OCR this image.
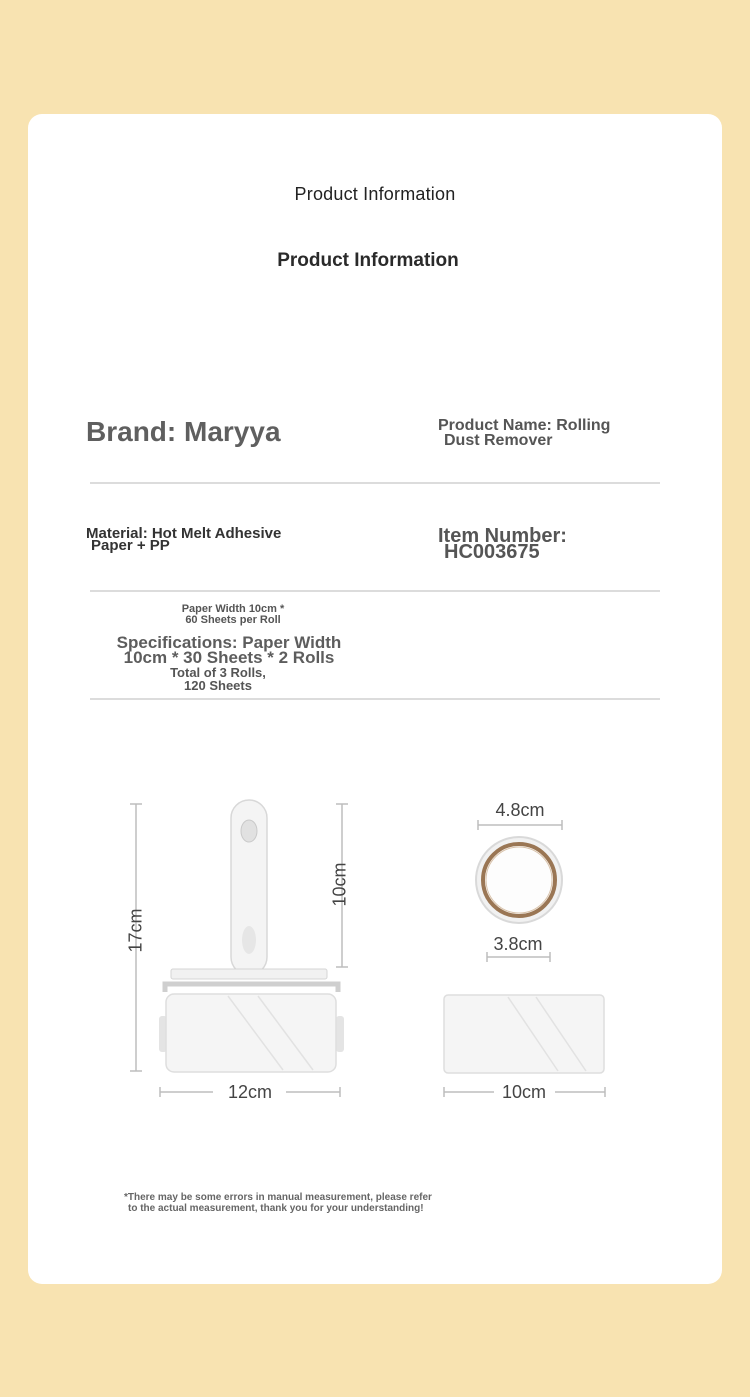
Product Information
Product Information
Brand: Maryya	Product Name: Rolling
Dust Remover
Material: Hot Melt Adhesive
Paper + PP	Item Number:
HC003675
Paper Width 10cm *
60 Sheets per Roll
Specifications: Paper Width
10cm * 30 Sheets * 2 Rolls
Total of 3 Rolls,
120 Sheets
17cm
10cm
12cm
4.8cm
3.8cm
10cm
*There may be some errors in manual measurement, please refer
to the actual measurement, thank you for your understanding!
